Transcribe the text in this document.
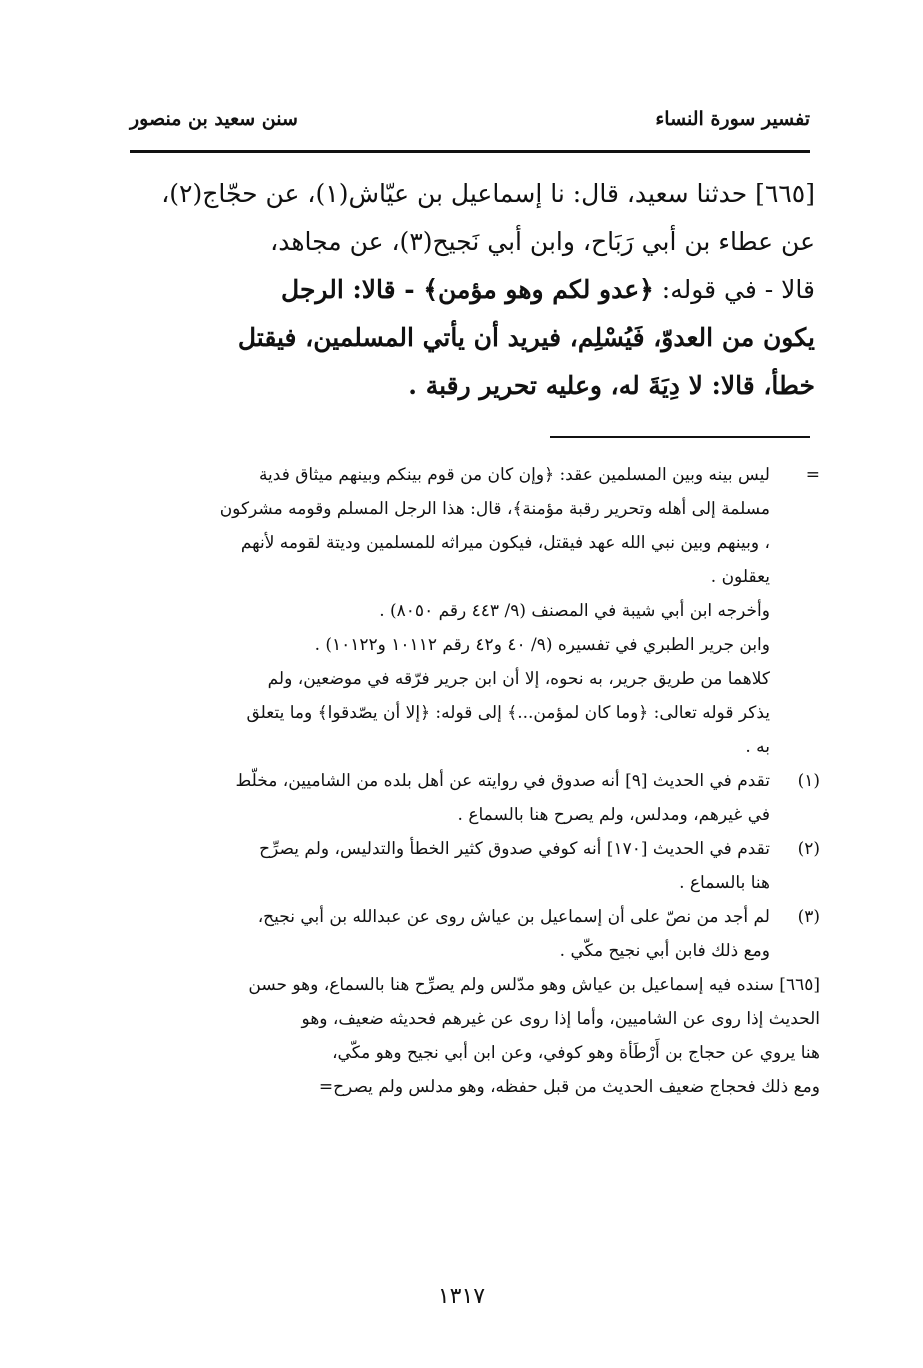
تفسير سورة النساء
سنن سعيد بن منصور
[٦٦٥] حدثنا سعيد، قال: نا إسماعيل بن عيّاش(١)، عن حجّاج(٢)،
عن عطاء بن أبي رَبَاح، وابن أبي نَجيح(٣)، عن مجاهد،
قالا - في قوله: ﴿عدو لكم وهو مؤمن﴾ - قالا: الرجل
يكون من العدوّ، فَيُسْلِم، فيريد أن يأتي المسلمين، فيقتل
خطأ، قالا: لا دِيَةَ له، وعليه تحرير رقبة .
=

ليس بينه وبين المسلمين عقد: ﴿وإن كان من قوم بينكم وبينهم ميثاق فدية

مسلمة إلى أهله وتحرير رقبة مؤمنة﴾، قال: هذا الرجل المسلم وقومه مشركون

، وبينهم وبين نبي الله عهد فيقتل، فيكون ميراثه للمسلمين وديتة لقومه لأنهم

يعقلون .

وأخرجه ابن أبي شيبة في المصنف (٩/ ٤٤٣ رقم ٨٠٥٠) .

وابن جرير الطبري في تفسيره (٩/ ٤٠ و٤٢ رقم ١٠١١٢ و١٠١٢٢) .

كلاهما من طريق جرير، به نحوه، إلا أن ابن جرير فرّقه في موضعين، ولم

يذكر قوله تعالى: ﴿وما كان لمؤمن...﴾ إلى قوله: ﴿إلا أن يصّدقوا﴾ وما يتعلق

به .

(١)

تقدم في الحديث [٩] أنه صدوق في روايته عن أهل بلده من الشاميين، مخلّط

في غيرهم، ومدلس، ولم يصرح هنا بالسماع .

(٢)

تقدم في الحديث [١٧٠] أنه كوفي صدوق كثير الخطأ والتدليس، ولم يصرِّح

هنا بالسماع .

(٣)

لم أجد من نصّ على أن إسماعيل بن عياش روى عن عبدالله بن أبي نجيح،

ومع ذلك فابن أبي نجيح مكّي .

[٦٦٥] سنده فيه إسماعيل بن عياش وهو مدّلس ولم يصرِّح هنا بالسماع، وهو حسن

الحديث إذا روى عن الشاميين، وأما إذا روى عن غيرهم فحديثه ضعيف، وهو

هنا يروي عن حجاج بن أَرْطَأة وهو كوفي، وعن ابن أبي نجيح وهو مكّي،

ومع ذلك فحجاج ضعيف الحديث من قبل حفظه، وهو مدلس ولم يصرح=

١٣١٧
